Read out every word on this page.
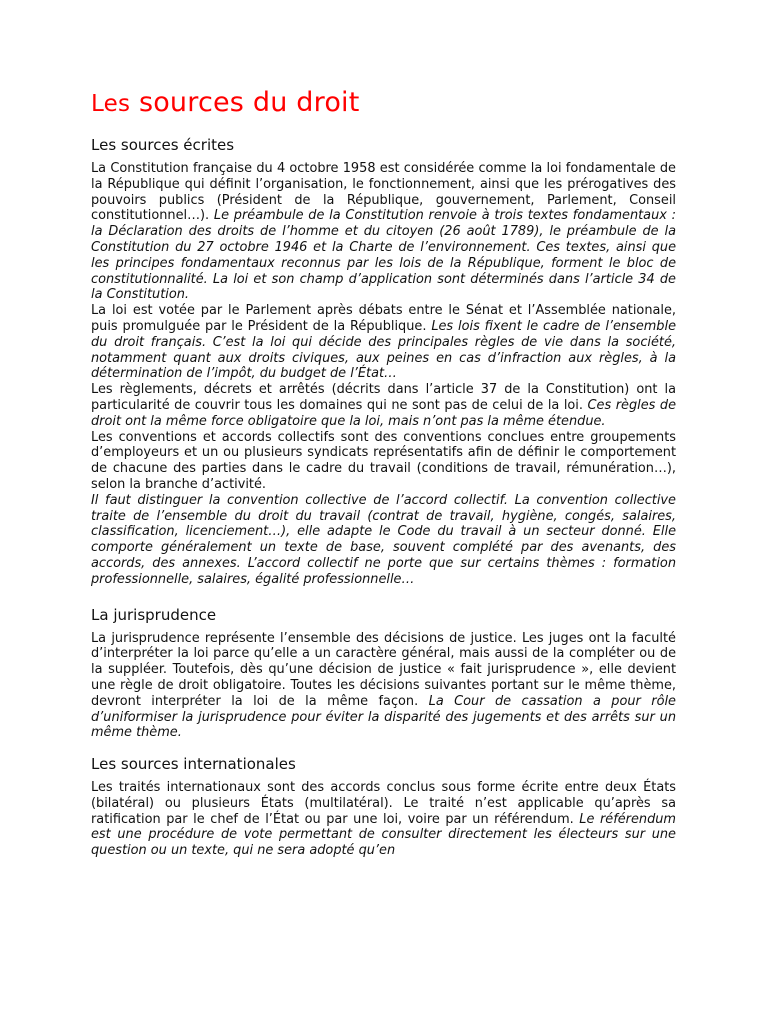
Les sources du droit
Les sources écrites

La Constitution française du 4 octobre 1958 est considérée comme la loi fondamentale de la République qui définit l’organisation, le fonctionnement, ainsi que les prérogatives des pouvoirs publics (Président de la République, gouvernement, Parlement, Conseil constitutionnel…). Le préambule de la Constitution renvoie à trois textes fondamentaux : la Déclaration des droits de l’homme et du citoyen (26 août 1789), le préambule de la Constitution du 27 octobre 1946 et la Charte de l’environnement. Ces textes, ainsi que les principes fondamentaux reconnus par les lois de la République, forment le bloc de constitutionnalité. La loi et son champ d’application sont déterminés dans l’article 34 de la Constitution.

La loi est votée par le Parlement après débats entre le Sénat et l’Assemblée nationale, puis promulguée par le Président de la République. Les lois fixent le cadre de l’ensemble du droit français. C’est la loi qui décide des principales règles de vie dans la société, notamment quant aux droits civiques, aux peines en cas d’infraction aux règles, à la détermination de l’impôt, du budget de l’État…

Les règlements, décrets et arrêtés (décrits dans l’article 37 de la Constitution) ont la particularité de couvrir tous les domaines qui ne sont pas de celui de la loi. Ces règles de droit ont la même force obligatoire que la loi, mais n’ont pas la même étendue.

Les conventions et accords collectifs sont des conventions conclues entre groupements d’employeurs et un ou plusieurs syndicats représentatifs afin de définir le comportement de chacune des parties dans le cadre du travail (conditions de travail, rémunération…), selon la branche d’activité.

Il faut distinguer la convention collective de l’accord collectif. La convention collective traite de l’ensemble du droit du travail (contrat de travail, hygiène, congés, salaires, classification, licenciement…), elle adapte le Code du travail à un secteur donné. Elle comporte généralement un texte de base, souvent complété par des avenants, des accords, des annexes. L’accord collectif ne porte que sur certains thèmes : formation professionnelle, salaires, égalité professionnelle…

La jurisprudence

La jurisprudence représente l’ensemble des décisions de justice. Les juges ont la faculté d’interpréter la loi parce qu’elle a un caractère général, mais aussi de la compléter ou de la suppléer. Toutefois, dès qu’une décision de justice « fait jurisprudence », elle devient une règle de droit obligatoire. Toutes les décisions suivantes portant sur le même thème, devront interpréter la loi de la même façon. La Cour de cassation a pour rôle d’uniformiser la jurisprudence pour éviter la disparité des jugements et des arrêts sur un même thème.

Les sources internationales

Les traités internationaux sont des accords conclus sous forme écrite entre deux États (bilatéral) ou plusieurs États (multilatéral). Le traité n’est applicable qu’après sa ratification par le chef de l’État ou par une loi, voire par un référendum. Le référendum est une procédure de vote permettant de consulter directement les électeurs sur une question ou un texte, qui ne sera adopté qu’en
